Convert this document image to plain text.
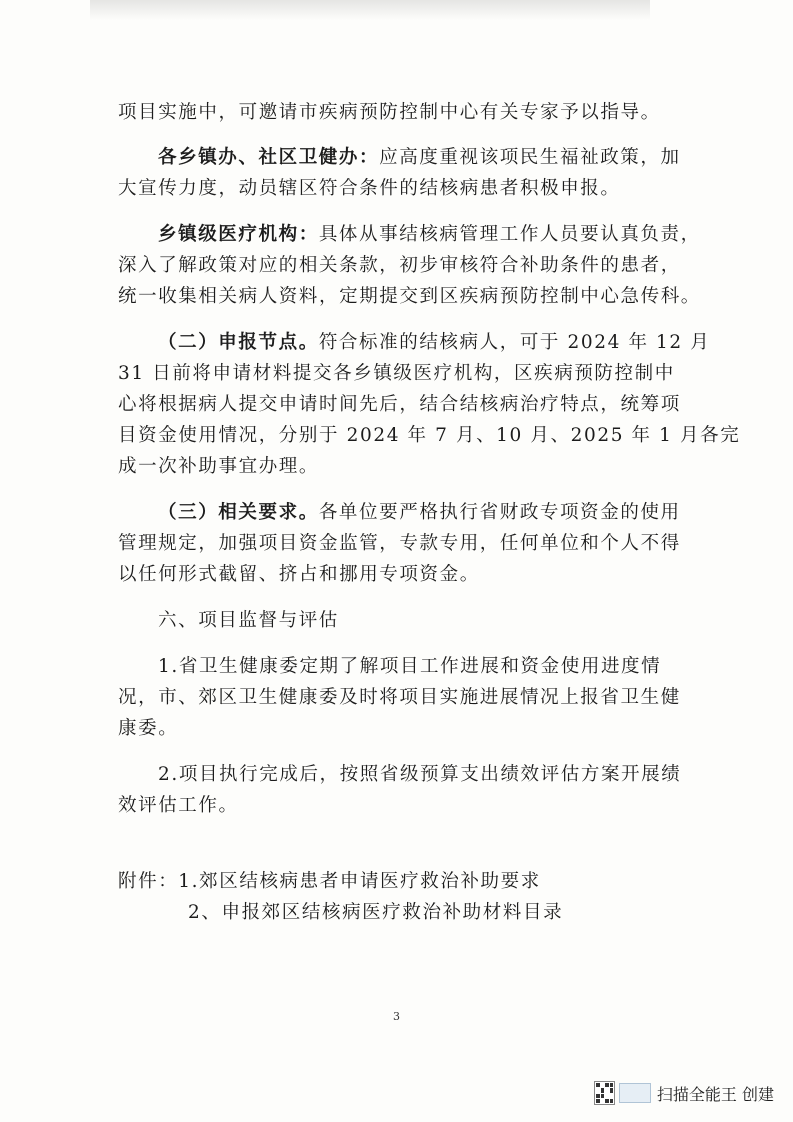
项目实施中，可邀请市疾病预防控制中心有关专家予以指导。
各乡镇办、社区卫健办：应高度重视该项民生福祉政策，加
大宣传力度，动员辖区符合条件的结核病患者积极申报。
乡镇级医疗机构：具体从事结核病管理工作人员要认真负责，
深入了解政策对应的相关条款，初步审核符合补助条件的患者，
统一收集相关病人资料，定期提交到区疾病预防控制中心急传科。
（二）申报节点。符合标准的结核病人，可于 2024 年 12 月
31 日前将申请材料提交各乡镇级医疗机构，区疾病预防控制中
心将根据病人提交申请时间先后，结合结核病治疗特点，统筹项
目资金使用情况，分别于 2024 年 7 月、10 月、2025 年 1 月各完
成一次补助事宜办理。
（三）相关要求。各单位要严格执行省财政专项资金的使用
管理规定，加强项目资金监管，专款专用，任何单位和个人不得
以任何形式截留、挤占和挪用专项资金。
六、项目监督与评估
1.省卫生健康委定期了解项目工作进展和资金使用进度情
况，市、郊区卫生健康委及时将项目实施进展情况上报省卫生健
康委。
2.项目执行完成后，按照省级预算支出绩效评估方案开展绩
效评估工作。
附件：1.郊区结核病患者申请医疗救治补助要求
2、申报郊区结核病医疗救治补助材料目录
3
扫描全能王 创建
